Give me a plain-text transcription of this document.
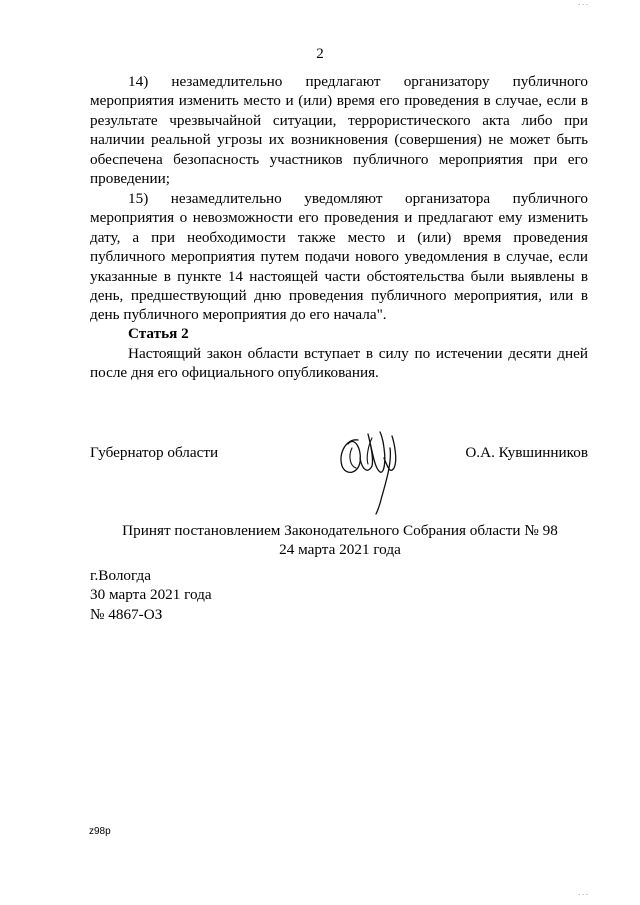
2

14) незамедлительно предлагают организатору публичного мероприятия изменить место и (или) время его проведения в случае, если в результате чрезвычайной ситуации, террористического акта либо при наличии реальной угрозы их возникновения (совершения) не может быть обеспечена безопасность участников публичного мероприятия при его проведении;

15) незамедлительно уведомляют организатора публичного мероприятия о невозможности его проведения и предлагают ему изменить дату, а при необходимости также место и (или) время проведения публичного мероприятия путем подачи нового уведомления в случае, если указанные в пункте 14 настоящей части обстоятельства были выявлены в день, предшествующий дню проведения публичного мероприятия, или в день публичного мероприятия до его начала".

Статья 2

Настоящий закон области вступает в силу по истечении десяти дней после дня его официального опубликования.

Губернатор области	О.А. Кувшинников
Принят постановлением Законодательного Собрания области № 98
24 марта 2021 года
г.Вологда
30 марта 2021 года
№ 4867-ОЗ
z98p
. . .
. . .
